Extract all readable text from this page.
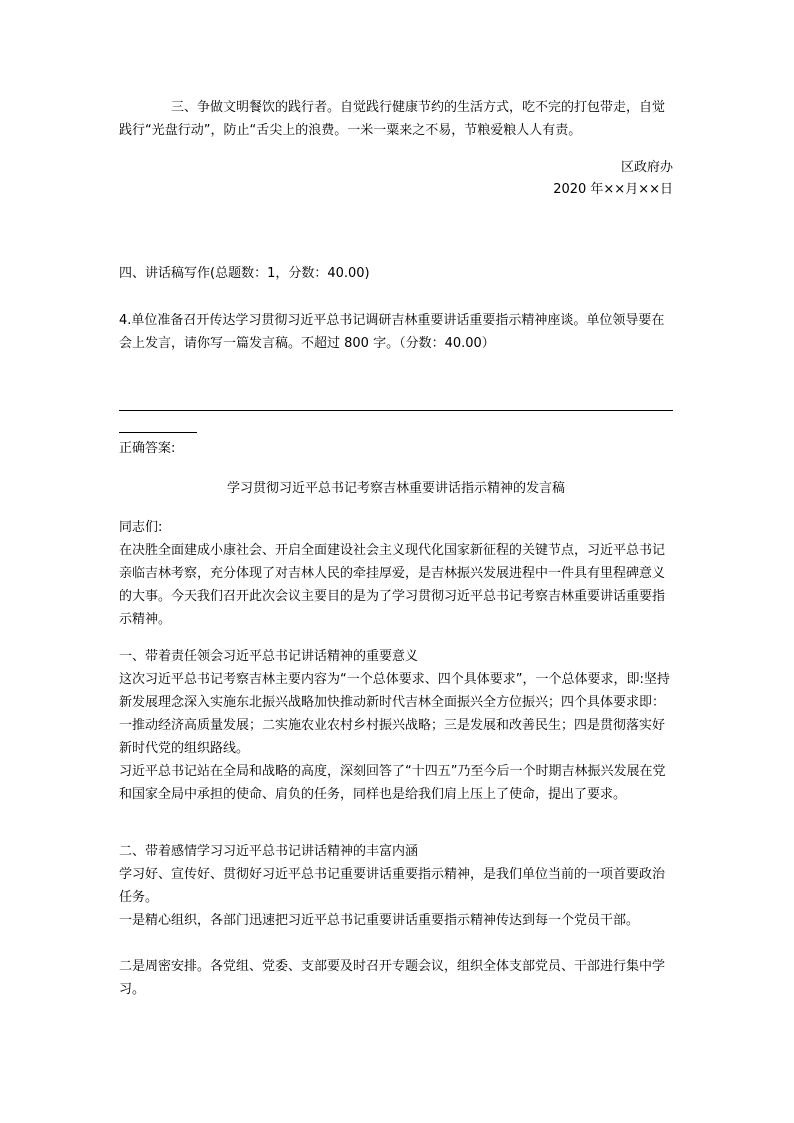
三、争做文明餐饮的践行者。自觉践行健康节约的生活方式，吃不完的打包带走，自觉践行“光盘行动”，防止“舌尖上的浪费。一米一粟来之不易，节粮爱粮人人有责。

区政府办

2020 年××月××日

四、讲话稿写作(总题数：1，分数：40.00)

4.单位准备召开传达学习贯彻习近平总书记调研吉林重要讲话重要指示精神座谈。单位领导要在会上发言，请你写一篇发言稿。不超过 800 字。（分数：40.00）

正确答案:

学习贯彻习近平总书记考察吉林重要讲话指示精神的发言稿

同志们:

在决胜全面建成小康社会、开启全面建设社会主义现代化国家新征程的关键节点，习近平总书记亲临吉林考察，充分体现了对吉林人民的牵挂厚爱，是吉林振兴发展进程中一件具有里程碑意义的大事。今天我们召开此次会议主要目的是为了学习贯彻习近平总书记考察吉林重要讲话重要指示精神。

一、带着责任领会习近平总书记讲话精神的重要意义

这次习近平总书记考察吉林主要内容为“一个总体要求、四个具体要求”，一个总体要求，即:坚持新发展理念深入实施东北振兴战略加快推动新时代吉林全面振兴全方位振兴；四个具体要求即：一推动经济高质量发展；二实施农业农村乡村振兴战略；三是发展和改善民生；四是贯彻落实好新时代党的组织路线。

习近平总书记站在全局和战略的高度，深刻回答了“十四五”乃至今后一个时期吉林振兴发展在党和国家全局中承担的使命、肩负的任务，同样也是给我们肩上压上了使命，提出了要求。

二、带着感情学习习近平总书记讲话精神的丰富内涵

学习好、宣传好、贯彻好习近平总书记重要讲话重要指示精神，是我们单位当前的一项首要政治任务。

一是精心组织，各部门迅速把习近平总书记重要讲话重要指示精神传达到每一个党员干部。

二是周密安排。各党组、党委、支部要及时召开专题会议，组织全体支部党员、干部进行集中学习。
